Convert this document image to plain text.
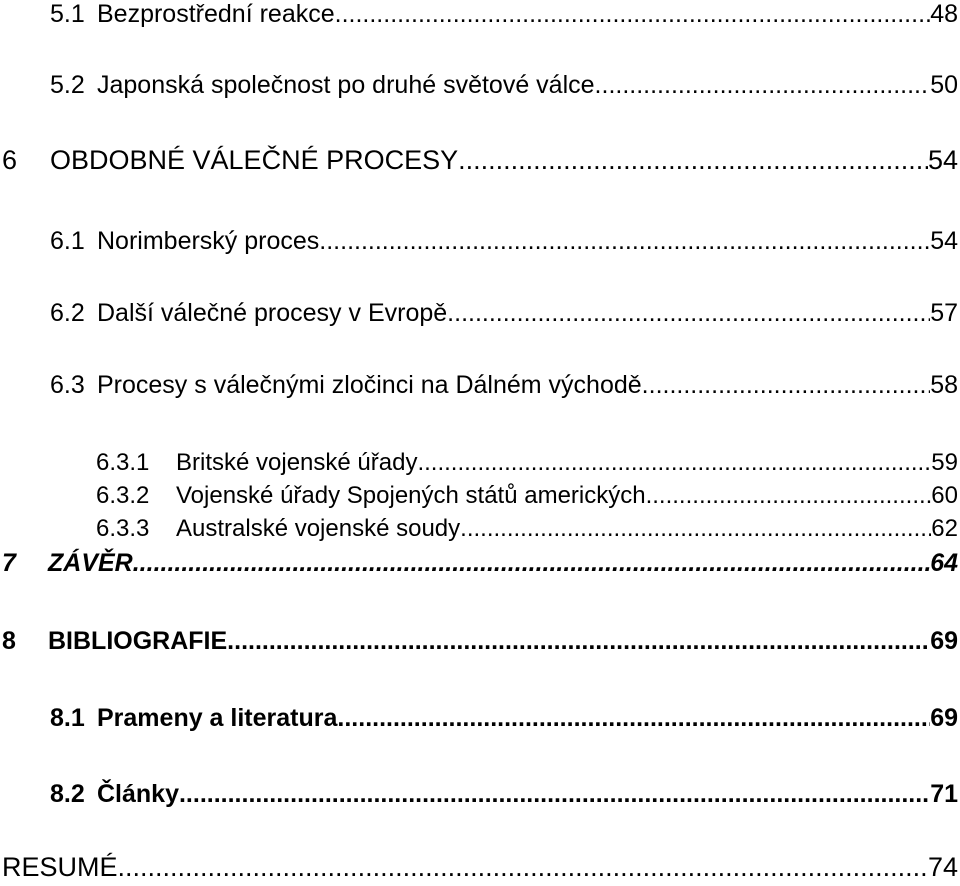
5.1 Bezprostřední reakce .....	48
5.2 Japonská společnost po druhé světové válce .....	50
6	OBDOBNÉ VÁLEČNÉ PROCESY .....	54
6.1 Norimberský proces .....	54
6.2 Další válečné procesy v Evropě .....	57
6.3 Procesy s válečnými zločinci na Dálném východě .....	58
6.3.1	Britské vojenské úřady .....	59
6.3.2	Vojenské úřady Spojených států amerických .....	60
6.3.3	Australské vojenské soudy .....	62
7	ZÁVĚR .....	64
8	BIBLIOGRAFIE .....	69
8.1 Prameny a literatura .....	69
8.2 Články .....	71
RESUMÉ .....	74
